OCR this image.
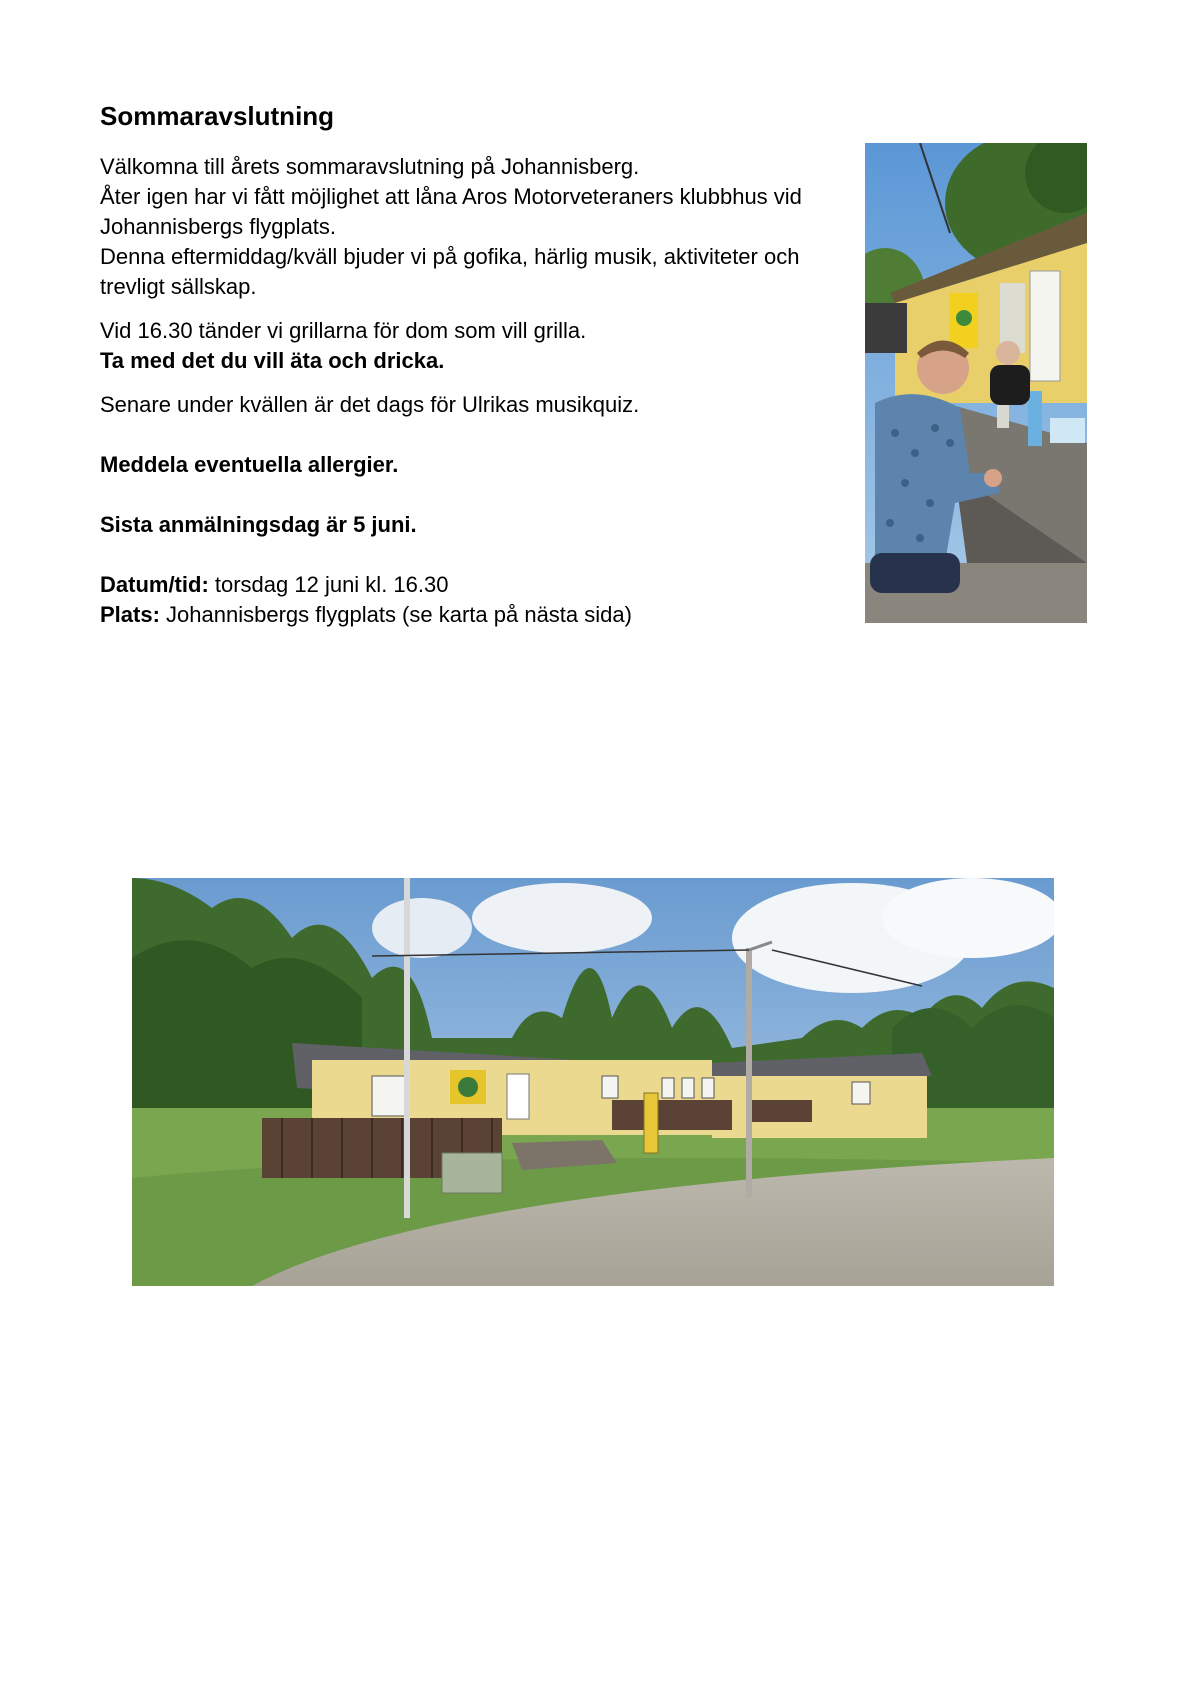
Sommaravslutning

Välkomna till årets sommaravslutning på Johannisberg.

Åter igen har vi fått möjlighet att låna Aros Motorveteraners klubbhus vid Johannisbergs flygplats.

Denna eftermiddag/kväll bjuder vi på gofika, härlig musik, aktiviteter och trevligt sällskap.

Vid 16.30 tänder vi grillarna för dom som vill grilla.

Ta med det du vill äta och dricka.

Senare under kvällen är det dags för Ulrikas musikquiz.

Meddela eventuella allergier.

Sista anmälningsdag är 5 juni.

Datum/tid: torsdag 12 juni kl. 16.30

Plats: Johannisbergs flygplats (se karta på nästa sida)
